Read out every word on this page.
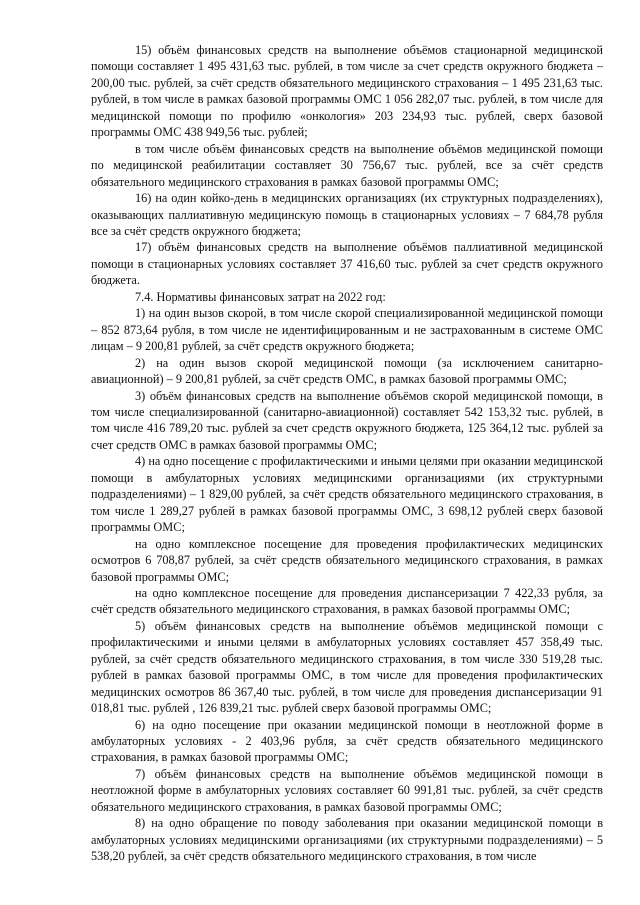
15) объём финансовых средств на выполнение объёмов стационарной медицинской помощи составляет 1 495 431,63 тыс. рублей, в том числе за счет средств окружного бюджета – 200,00 тыс. рублей, за счёт средств обязательного медицинского страхования – 1 495 231,63 тыс. рублей, в том числе в рамках базовой программы ОМС 1 056 282,07 тыс. рублей, в том числе для медицинской помощи по профилю «онкология» 203 234,93 тыс. рублей, сверх базовой программы ОМС 438 949,56 тыс. рублей;

в том числе объём финансовых средств на выполнение объёмов медицинской помощи по медицинской реабилитации составляет 30 756,67 тыс. рублей, все за счёт средств обязательного медицинского страхования в рамках базовой программы ОМС;

16) на один койко-день в медицинских организациях (их структурных подразделениях), оказывающих паллиативную медицинскую помощь в стационарных условиях – 7 684,78 рубля все за счёт средств окружного бюджета;

17) объём финансовых средств на выполнение объёмов паллиативной медицинской помощи в стационарных условиях составляет 37 416,60 тыс. рублей за счет средств окружного бюджета.

7.4. Нормативы финансовых затрат на 2022 год:

1) на один вызов скорой, в том числе скорой специализированной медицинской помощи – 852 873,64 рубля, в том числе не идентифицированным и не застрахованным в системе ОМС лицам – 9 200,81 рублей, за счёт средств окружного бюджета;

2) на один вызов скорой медицинской помощи (за исключением санитарно-авиационной) – 9 200,81 рублей, за счёт средств ОМС, в рамках базовой программы ОМС;

3) объём финансовых средств на выполнение объёмов скорой медицинской помощи, в том числе специализированной (санитарно-авиационной) составляет 542 153,32 тыс. рублей, в том числе 416 789,20 тыс. рублей за счет средств окружного бюджета, 125 364,12 тыс. рублей за счет средств ОМС в рамках базовой программы ОМС;

4) на одно посещение с профилактическими и иными целями при оказании медицинской помощи в амбулаторных условиях медицинскими организациями (их структурными подразделениями) – 1 829,00 рублей, за счёт средств обязательного медицинского страхования, в том числе 1 289,27 рублей в рамках базовой программы ОМС, 3 698,12 рублей сверх базовой программы ОМС;

на одно комплексное посещение для проведения профилактических медицинских осмотров 6 708,87 рублей, за счёт средств обязательного медицинского страхования, в рамках базовой программы ОМС;

на одно комплексное посещение для проведения диспансеризации 7 422,33 рубля, за счёт средств обязательного медицинского страхования, в рамках базовой программы ОМС;

5) объём финансовых средств на выполнение объёмов медицинской помощи с профилактическими и иными целями в амбулаторных условиях составляет 457 358,49 тыс. рублей, за счёт средств обязательного медицинского страхования, в том числе 330 519,28 тыс. рублей в рамках базовой программы ОМС, в том числе для проведения профилактических медицинских осмотров 86 367,40 тыс. рублей, в том числе для проведения диспансеризации 91 018,81 тыс. рублей , 126 839,21 тыс. рублей сверх базовой программы ОМС;

6) на одно посещение при оказании медицинской помощи в неотложной форме в амбулаторных условиях - 2 403,96 рубля, за счёт средств обязательного медицинского страхования, в рамках базовой программы ОМС;

7) объём финансовых средств на выполнение объёмов медицинской помощи в неотложной форме в амбулаторных условиях составляет 60 991,81 тыс. рублей, за счёт средств обязательного медицинского страхования, в рамках базовой программы ОМС;

8) на одно обращение по поводу заболевания при оказании медицинской помощи в амбулаторных условиях медицинскими организациями (их структурными подразделениями) – 5 538,20 рублей, за счёт средств обязательного медицинского страхования, в том числе
